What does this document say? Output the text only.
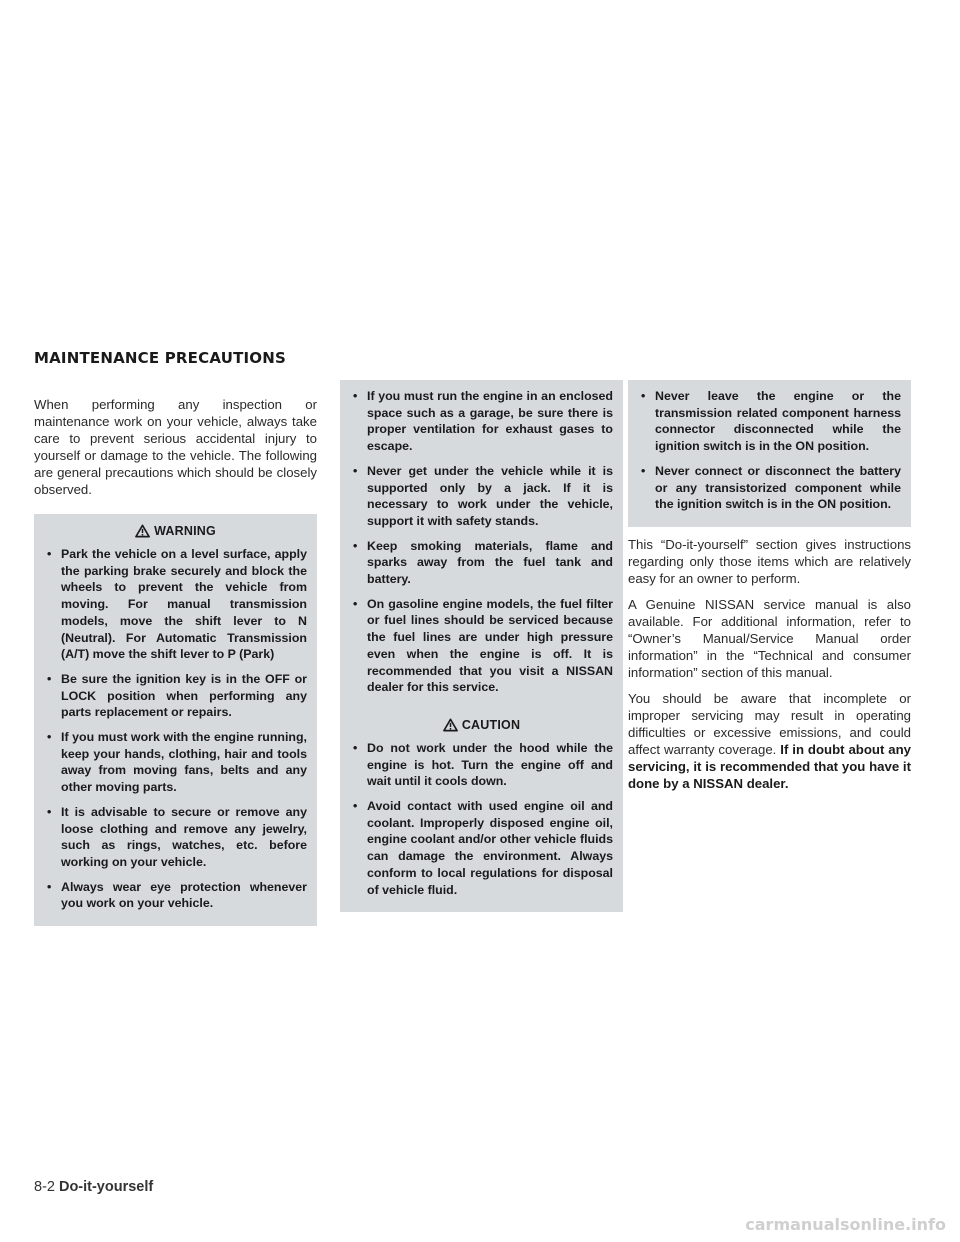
MAINTENANCE PRECAUTIONS

When performing any inspection or maintenance work on your vehicle, always take care to prevent serious accidental injury to yourself or damage to the vehicle. The following are general precautions which should be closely observed.

WARNING
• Park the vehicle on a level surface, apply the parking brake securely and block the wheels to prevent the vehicle from moving. For manual transmission models, move the shift lever to N (Neutral). For Automatic Transmission (A/T) move the shift lever to P (Park)
• Be sure the ignition key is in the OFF or LOCK position when performing any parts replacement or repairs.
• If you must work with the engine running, keep your hands, clothing, hair and tools away from moving fans, belts and any other moving parts.
• It is advisable to secure or remove any loose clothing and remove any jewelry, such as rings, watches, etc. before working on your vehicle.
• Always wear eye protection whenever you work on your vehicle.
• If you must run the engine in an enclosed space such as a garage, be sure there is proper ventilation for exhaust gases to escape.
• Never get under the vehicle while it is supported only by a jack. If it is necessary to work under the vehicle, support it with safety stands.
• Keep smoking materials, flame and sparks away from the fuel tank and battery.
• On gasoline engine models, the fuel filter or fuel lines should be serviced because the fuel lines are under high pressure even when the engine is off. It is recommended that you visit a NISSAN dealer for this service.
CAUTION
• Do not work under the hood while the engine is hot. Turn the engine off and wait until it cools down.
• Avoid contact with used engine oil and coolant. Improperly disposed engine oil, engine coolant and/or other vehicle fluids can damage the environment. Always conform to local regulations for disposal of vehicle fluid.
• Never leave the engine or the transmission related component harness connector disconnected while the ignition switch is in the ON position.
• Never connect or disconnect the battery or any transistorized component while the ignition switch is in the ON position.

This “Do-it-yourself” section gives instructions regarding only those items which are relatively easy for an owner to perform.

A Genuine NISSAN service manual is also available. For additional information, refer to “Owner’s Manual/Service Manual order information” in the “Technical and consumer information” section of this manual.

You should be aware that incomplete or improper servicing may result in operating difficulties or excessive emissions, and could affect warranty coverage. If in doubt about any servicing, it is recommended that you have it done by a NISSAN dealer.

8-2 Do-it-yourself
carmanualsonline.info
